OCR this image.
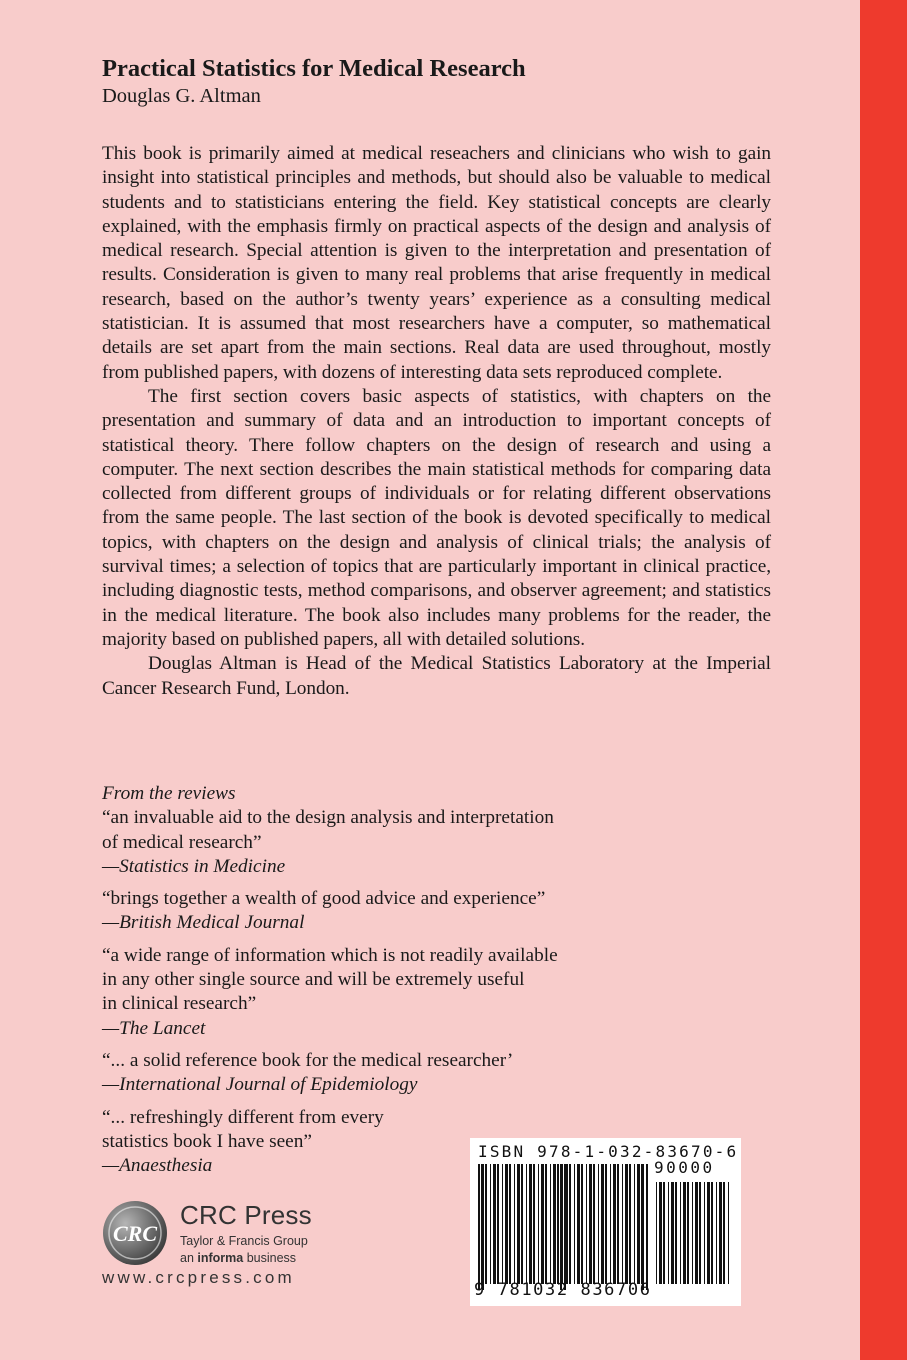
Practical Statistics for Medical Research

Douglas G. Altman

This book is primarily aimed at medical reseachers and clinicians who wish to gain insight into statistical principles and methods, but should also be valuable to medical students and to statisticians entering the field. Key statistical concepts are clearly explained, with the emphasis firmly on practical aspects of the design and analysis of medical research. Special attention is given to the interpretation and presentation of results. Consideration is given to many real problems that arise frequently in medical research, based on the author’s twenty years’ experience as a consulting medical statistician. It is assumed that most researchers have a computer, so mathematical details are set apart from the main sections. Real data are used throughout, mostly from published papers, with dozens of interesting data sets reproduced complete.

The first section covers basic aspects of statistics, with chapters on the presentation and summary of data and an introduction to important concepts of statistical theory. There follow chapters on the design of research and using a computer. The next section describes the main statistical methods for comparing data collected from different groups of individuals or for relating different observations from the same people. The last section of the book is devoted specifically to medical topics, with chapters on the design and analysis of clinical trials; the analysis of survival times; a selection of topics that are particularly important in clinical practice, including diagnostic tests, method comparisons, and observer agreement; and statistics in the medical literature. The book also includes many problems for the reader, the majority based on published papers, all with detailed solutions.

Douglas Altman is Head of the Medical Statistics Laboratory at the Imperial Cancer Research Fund, London.

From the reviews

“an invaluable aid to the design analysis and interpretation
of medical research”

—Statistics in Medicine

“brings together a wealth of good advice and experience”

—British Medical Journal

“a wide range of information which is not readily available
in any other single source and will be extremely useful
in clinical research”

—The Lancet

“... a solid reference book for the medical researcher’

—International Journal of Epidemiology

“... refreshingly different from every
statistics book I have seen”

—Anaesthesia

CRC
CRC Press
Taylor & Francis Group
an informa business
www.crcpress.com
ISBN 978-1-032-83670-6
90000
9 781032 836706
